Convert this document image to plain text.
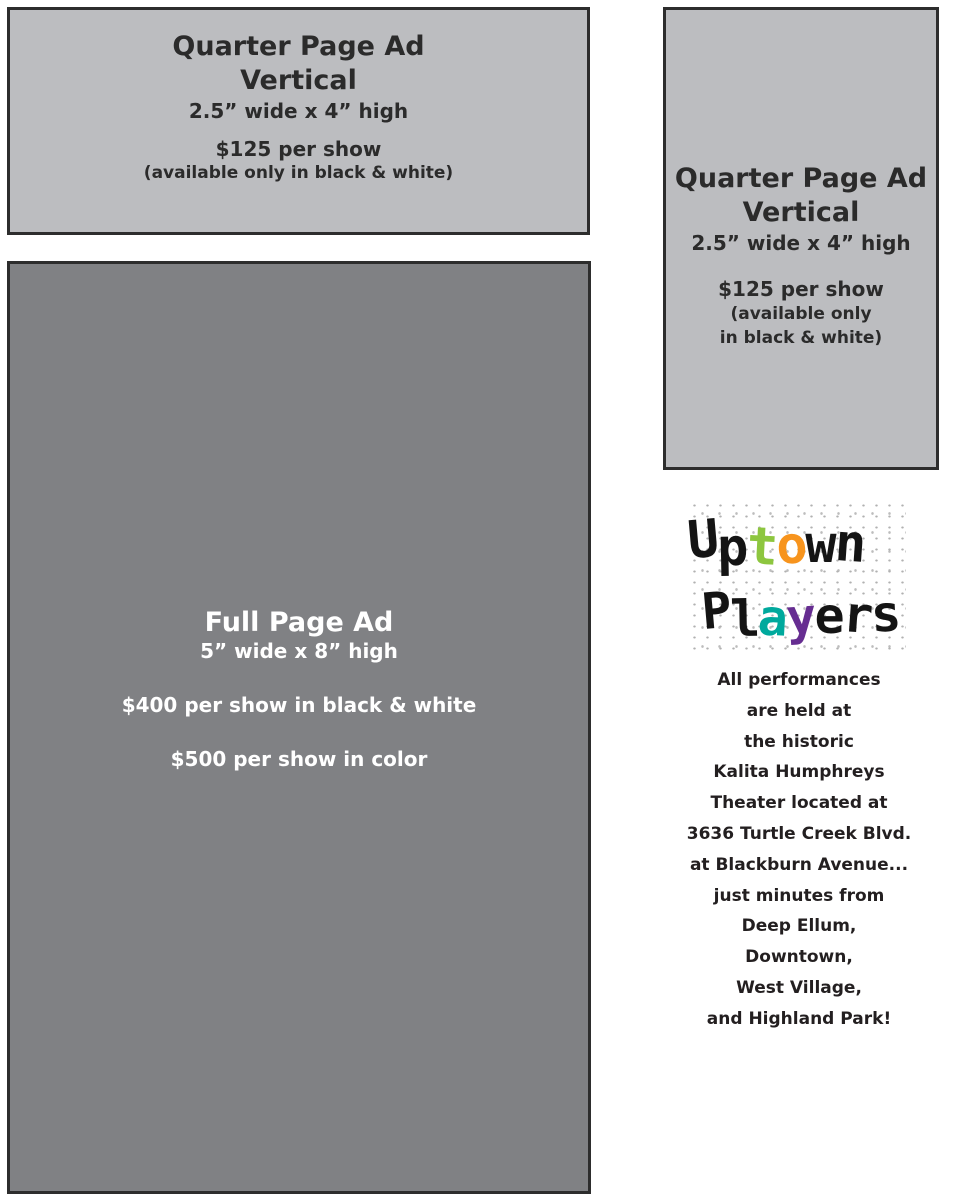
Quarter Page Ad

Vertical

2.5” wide x 4” high

$125 per show

(available only in black & white)	Quarter Page Ad

Vertical

2.5” wide x 4” high

$125 per show

(available only

in black & white)

Full Page Ad

5” wide x 8” high

$400 per show in black & white

$500 per show in color

Uptown
Players
All performances
are held at
the historic
Kalita Humphreys
Theater located at
3636 Turtle Creek Blvd.
at Blackburn Avenue...
just minutes from
Deep Ellum,
Downtown,
West Village,
and Highland Park!
